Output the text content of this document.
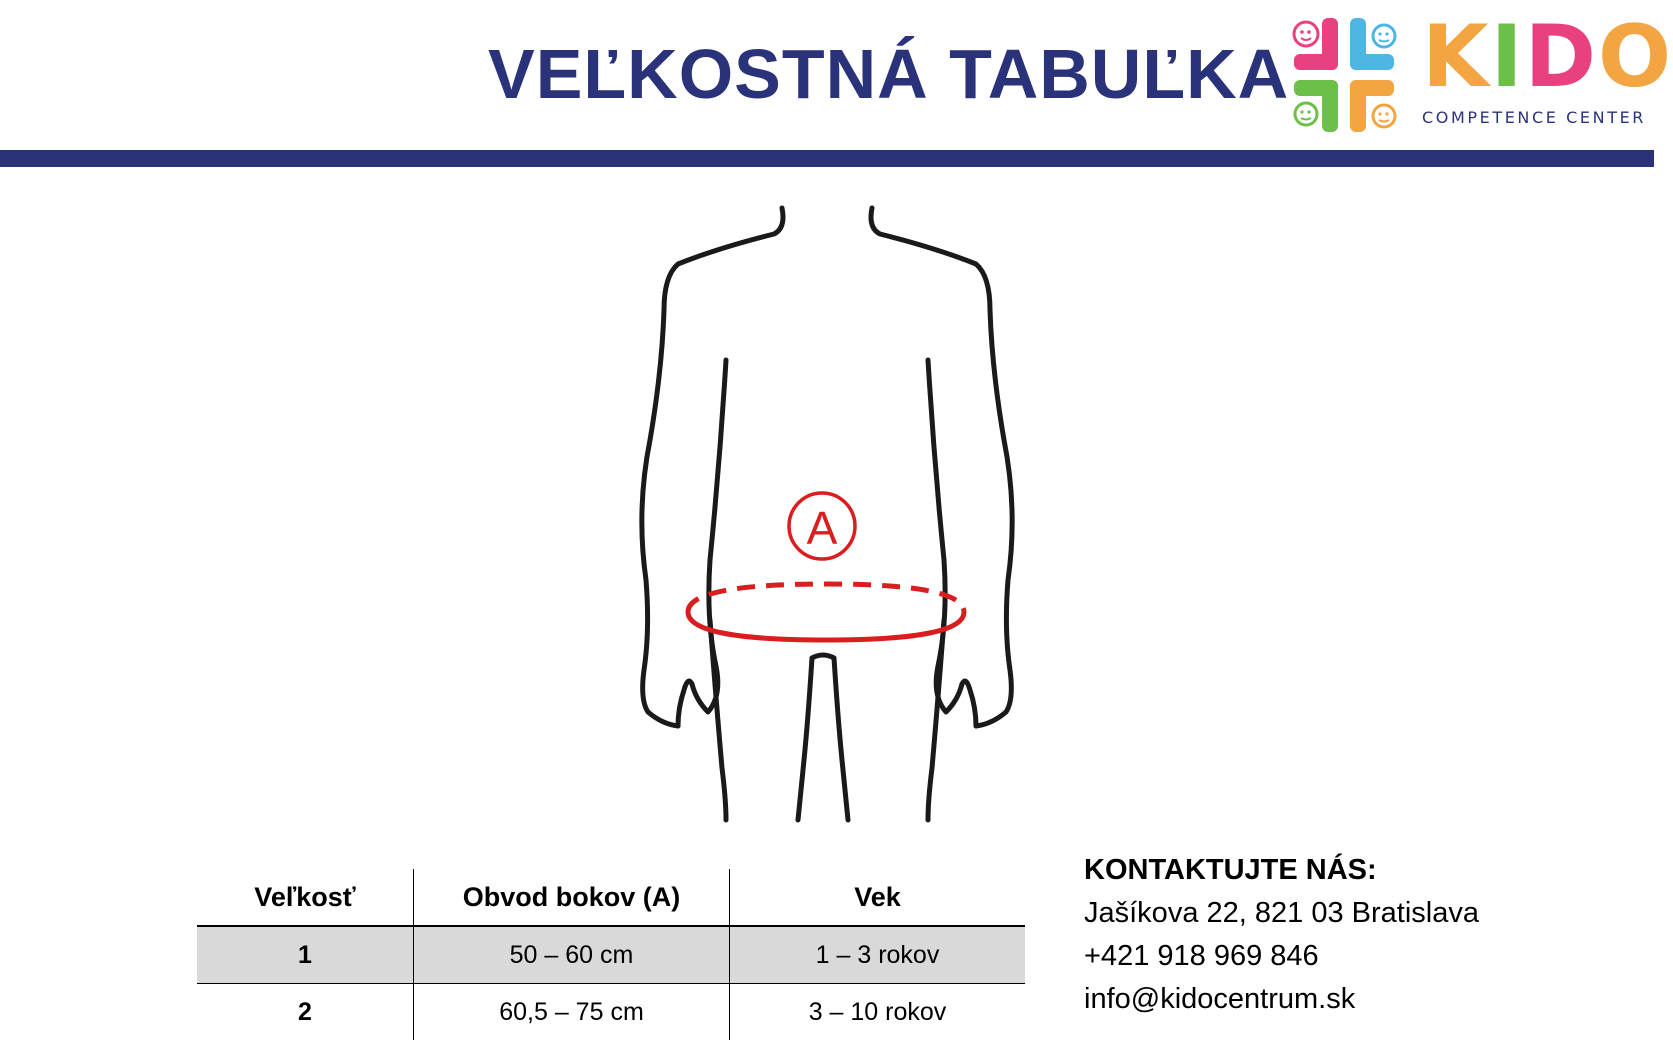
VEĽKOSTNÁ TABUĽKA KIDO
COMPETENCE CENTER
A
Veľkosť	Obvod bokov (A)	Vek
1	50 – 60 cm	1 – 3 rokov
2	60,5 – 75 cm	3 – 10 rokov
KONTAKTUJTE NÁS:
Jašíkova 22, 821 03 Bratislava
+421 918 969 846
info@kidocentrum.sk
